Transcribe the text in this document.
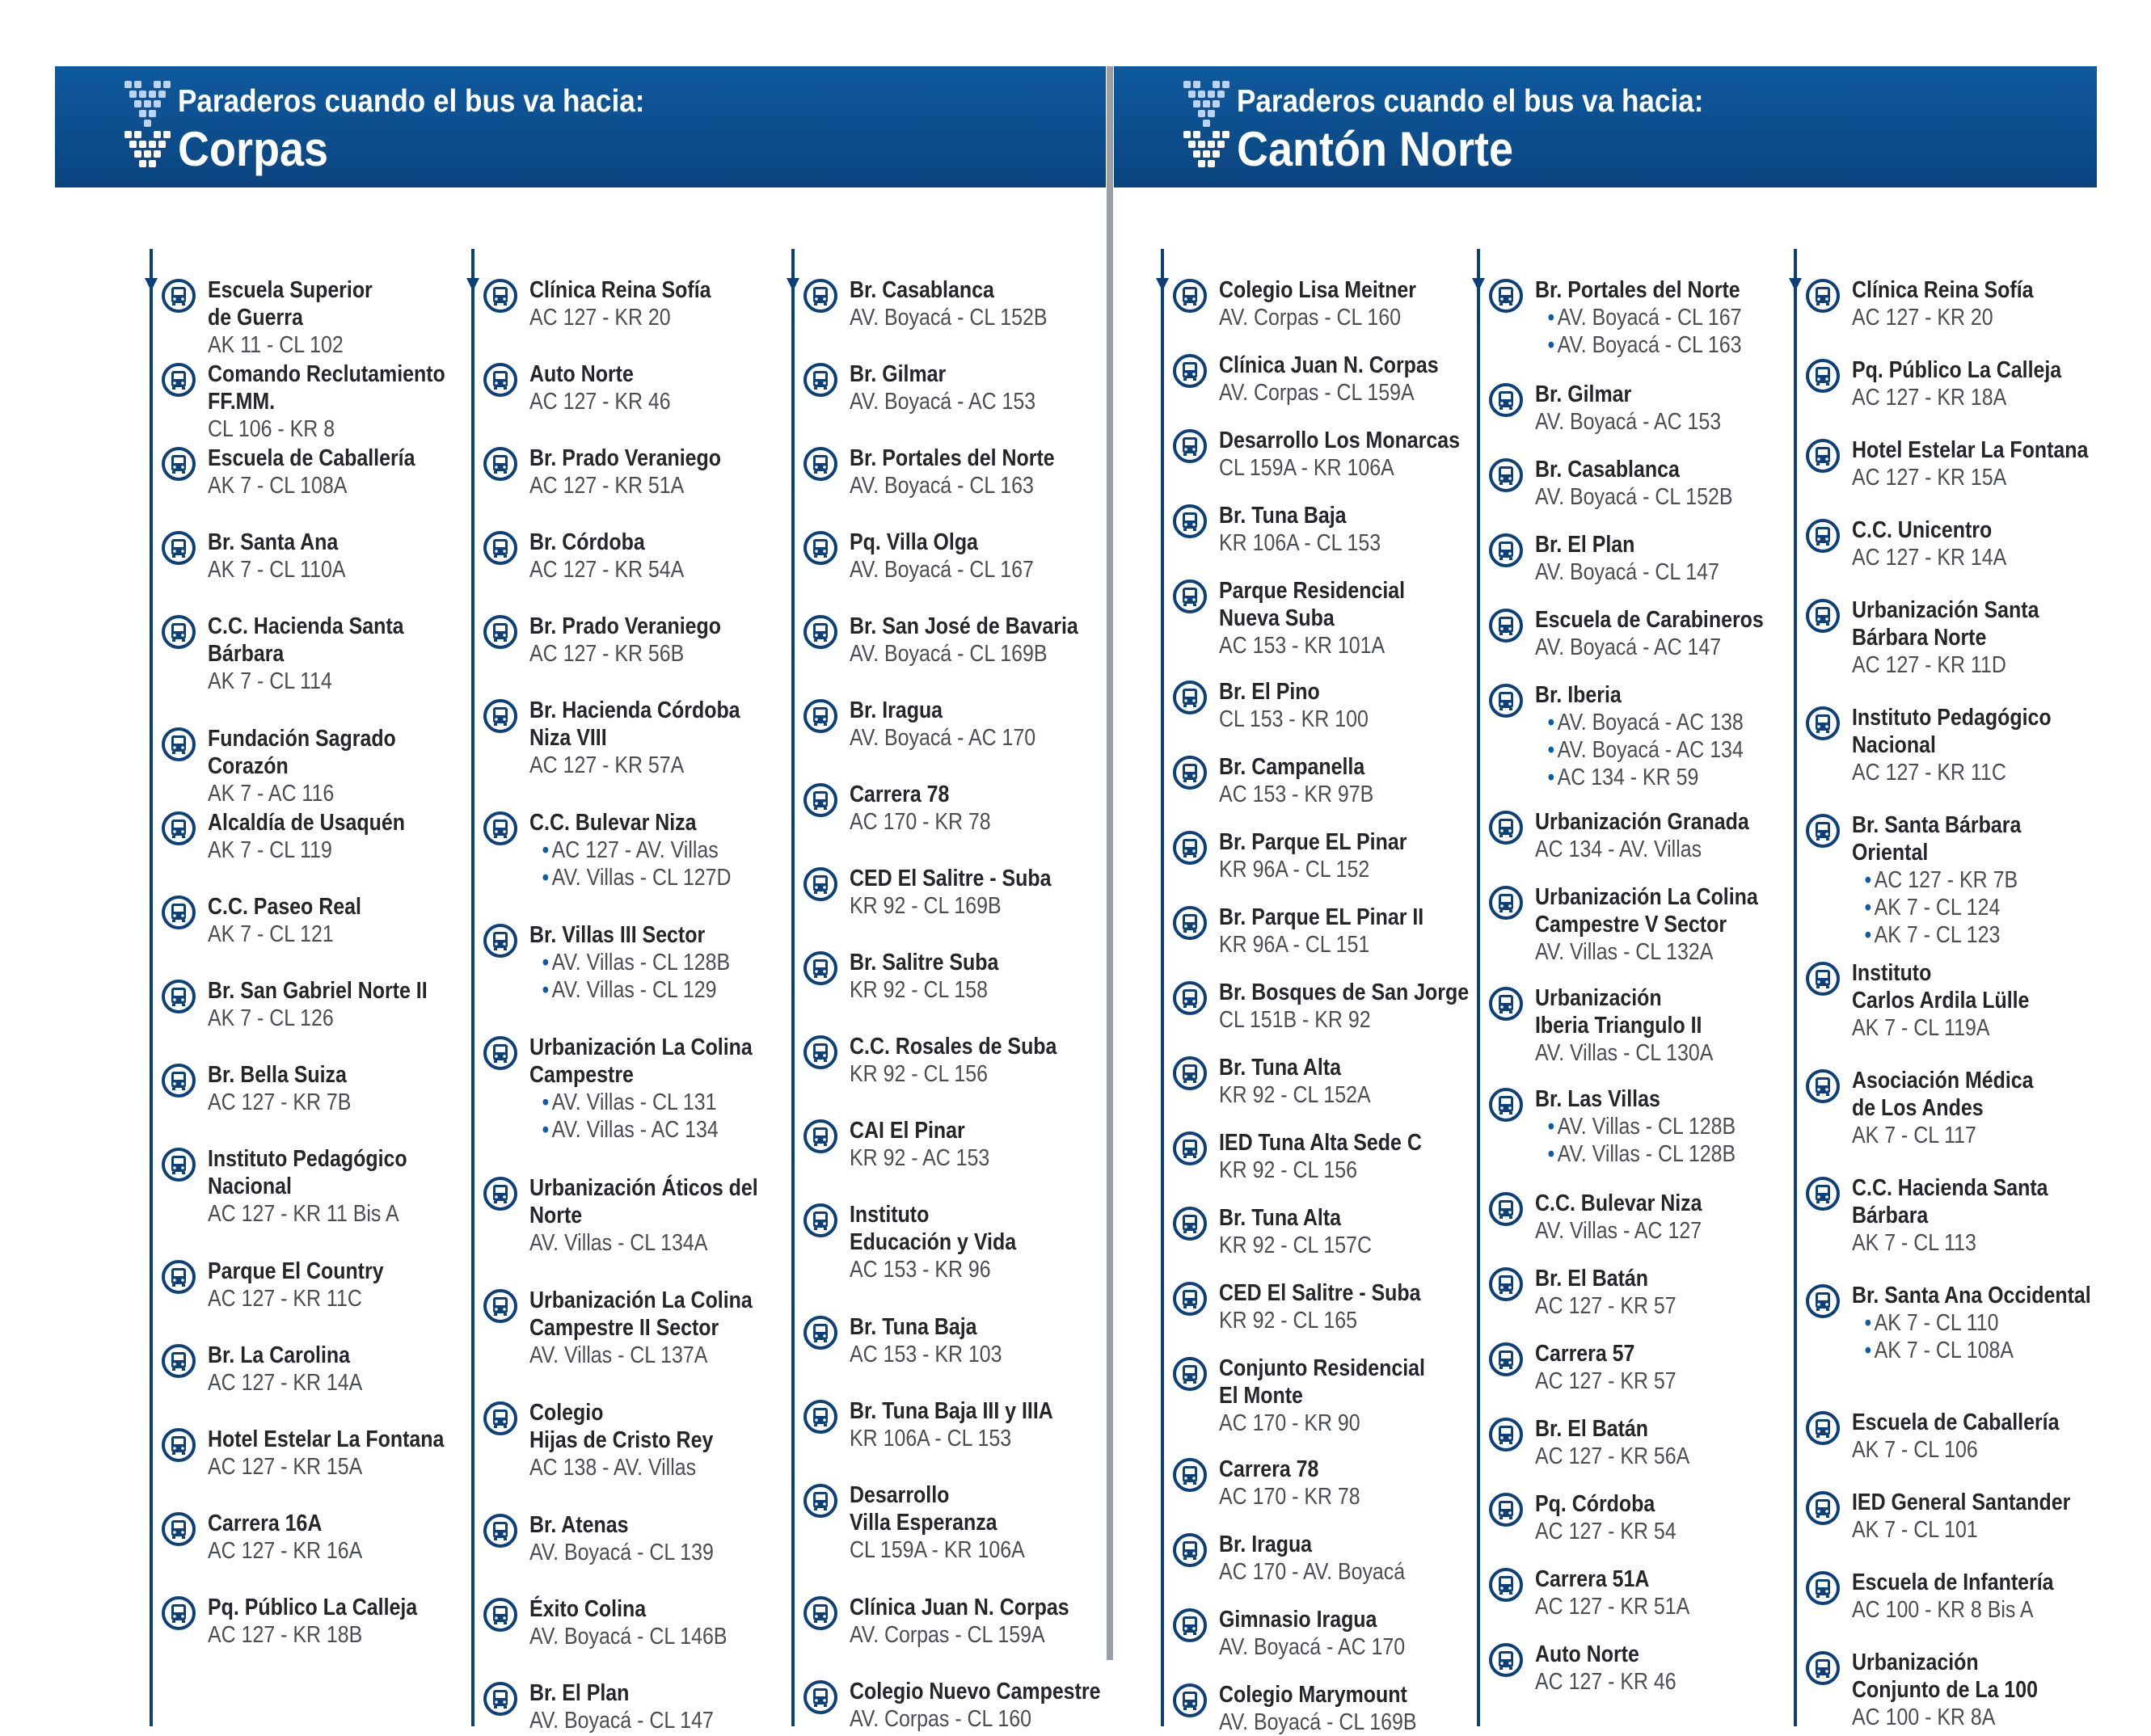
Paraderos cuando el bus va hacia:
Corpas
Escuela Superior
de Guerra
AK 11 - CL 102
Comando Reclutamiento
FF.MM.
CL 106 - KR 8
Escuela de Caballería
AK 7 - CL 108A
Br. Santa Ana
AK 7 - CL 110A
C.C. Hacienda Santa
Bárbara
AK 7 - CL 114
Fundación Sagrado
Corazón
AK 7 - AC 116
Alcaldía de Usaquén
AK 7 - CL 119
C.C. Paseo Real
AK 7 - CL 121
Br. San Gabriel Norte II
AK 7 - CL 126
Br. Bella Suiza
AC 127 - KR 7B
Instituto Pedagógico
Nacional
AC 127 - KR 11 Bis A
Parque El Country
AC 127 - KR 11C
Br. La Carolina
AC 127 - KR 14A
Hotel Estelar La Fontana
AC 127 - KR 15A
Carrera 16A
AC 127 - KR 16A
Pq. Público La Calleja
AC 127 - KR 18B
Clínica Reina Sofía
AC 127 - KR 20
Auto Norte
AC 127 - KR 46
Br. Prado Veraniego
AC 127 - KR 51A
Br. Córdoba
AC 127 - KR 54A
Br. Prado Veraniego
AC 127 - KR 56B
Br. Hacienda Córdoba
Niza VIII
AC 127 - KR 57A
C.C. Bulevar Niza
• AC 127 - AV. Villas
• AV. Villas - CL 127D
Br. Villas III Sector
• AV. Villas - CL 128B
• AV. Villas - CL 129
Urbanización La Colina
Campestre
• AV. Villas - CL 131
• AV. Villas - AC 134
Urbanización Áticos del
Norte
AV. Villas - CL 134A
Urbanización La Colina
Campestre II Sector
AV. Villas - CL 137A
Colegio
Hijas de Cristo Rey
AC 138 - AV. Villas
Br. Atenas
AV. Boyacá - CL 139
Éxito Colina
AV. Boyacá - CL 146B
Br. El Plan
AV. Boyacá - CL 147
Br. Casablanca
AV. Boyacá - CL 152B
Br. Gilmar
AV. Boyacá - AC 153
Br. Portales del Norte
AV. Boyacá - CL 163
Pq. Villa Olga
AV. Boyacá - CL 167
Br. San José de Bavaria
AV. Boyacá - CL 169B
Br. Iragua
AV. Boyacá - AC 170
Carrera 78
AC 170 - KR 78
CED El Salitre - Suba
KR 92 - CL 169B
Br. Salitre Suba
KR 92 - CL 158
C.C. Rosales de Suba
KR 92 - CL 156
CAI El Pinar
KR 92 - AC 153
Instituto
Educación y Vida
AC 153 - KR 96
Br. Tuna Baja
AC 153 - KR 103
Br. Tuna Baja III y IIIA
KR 106A - CL 153
Desarrollo
Villa Esperanza
CL 159A - KR 106A
Clínica Juan N. Corpas
AV. Corpas - CL 159A
Colegio Nuevo Campestre
AV. Corpas - CL 160
Paraderos cuando el bus va hacia:
Cantón Norte
Colegio Lisa Meitner
AV. Corpas - CL 160
Clínica Juan N. Corpas
AV. Corpas - CL 159A
Desarrollo Los Monarcas
CL 159A - KR 106A
Br. Tuna Baja
KR 106A - CL 153
Parque Residencial
Nueva Suba
AC 153 - KR 101A
Br. El Pino
CL 153 - KR 100
Br. Campanella
AC 153 - KR 97B
Br. Parque EL Pinar
KR 96A - CL 152
Br. Parque EL Pinar II
KR 96A - CL 151
Br. Bosques de San Jorge
CL 151B - KR 92
Br. Tuna Alta
KR 92 - CL 152A
IED Tuna Alta Sede C
KR 92 - CL 156
Br. Tuna Alta
KR 92 - CL 157C
CED El Salitre - Suba
KR 92 - CL 165
Conjunto Residencial
El Monte
AC 170 - KR 90
Carrera 78
AC 170 - KR 78
Br. Iragua
AC 170 - AV. Boyacá
Gimnasio Iragua
AV. Boyacá - AC 170
Colegio Marymount
AV. Boyacá - CL 169B
Br. Portales del Norte
• AV. Boyacá - CL 167
• AV. Boyacá - CL 163
Br. Gilmar
AV. Boyacá - AC 153
Br. Casablanca
AV. Boyacá - CL 152B
Br. El Plan
AV. Boyacá - CL 147
Escuela de Carabineros
AV. Boyacá - AC 147
Br. Iberia
• AV. Boyacá - AC 138
• AV. Boyacá - AC 134
• AC 134 - KR 59
Urbanización Granada
AC 134 - AV. Villas
Urbanización La Colina
Campestre V Sector
AV. Villas - CL 132A
Urbanización
Iberia Triangulo II
AV. Villas - CL 130A
Br. Las Villas
• AV. Villas - CL 128B
• AV. Villas - CL 128B
C.C. Bulevar Niza
AV. Villas - AC 127
Br. El Batán
AC 127 - KR 57
Carrera 57
AC 127 - KR 57
Br. El Batán
AC 127 - KR 56A
Pq. Córdoba
AC 127 - KR 54
Carrera 51A
AC 127 - KR 51A
Auto Norte
AC 127 - KR 46
Clínica Reina Sofía
AC 127 - KR 20
Pq. Público La Calleja
AC 127 - KR 18A
Hotel Estelar La Fontana
AC 127 - KR 15A
C.C. Unicentro
AC 127 - KR 14A
Urbanización Santa
Bárbara Norte
AC 127 - KR 11D
Instituto Pedagógico
Nacional
AC 127 - KR 11C
Br. Santa Bárbara
Oriental
• AC 127 - KR 7B
• AK 7 - CL 124
• AK 7 - CL 123
Instituto
Carlos Ardila Lülle
AK 7 - CL 119A
Asociación Médica
de Los Andes
AK 7 - CL 117
C.C. Hacienda Santa
Bárbara
AK 7 - CL 113
Br. Santa Ana Occidental
• AK 7 - CL 110
• AK 7 - CL 108A
Escuela de Caballería
AK 7 - CL 106
IED General Santander
AK 7 - CL 101
Escuela de Infantería
AC 100 - KR 8 Bis A
Urbanización
Conjunto de La 100
AC 100 - KR 8A
